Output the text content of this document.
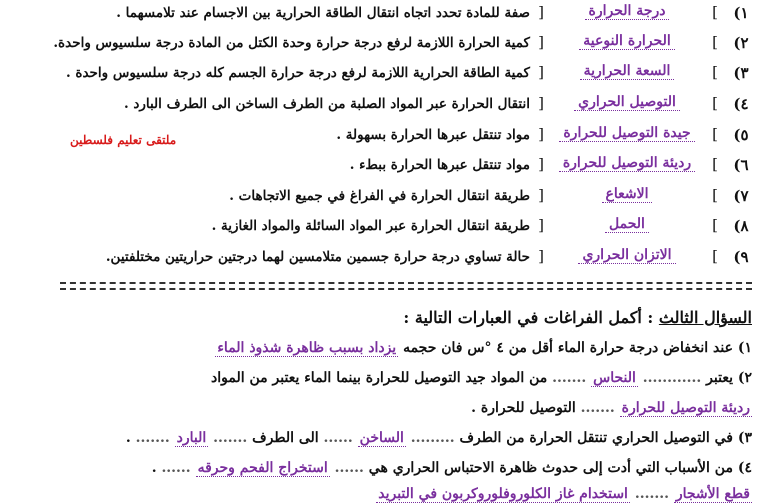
١)
]
درجة الحرارة
[
صفة للمادة تحدد اتجاه انتقال الطاقة الحرارية بين الاجسام عند تلامسهما .
٢)
]
الحرارة النوعية
[
كمية الحرارة اللازمة لرفع درجة حرارة وحدة الكتل من المادة درجة سلسيوس واحدة.
٣)
]
السعة الحرارية
[
كمية الطاقة الحرارية اللازمة لرفع درجة حرارة الجسم كله درجة سلسيوس واحدة .
٤)
]
التوصيل الحراري
[
انتقال الحرارة عبر المواد الصلبة من الطرف الساخن الى الطرف البارد .
٥)
]
جيدة التوصيل للحرارة
[
مواد تنتقل عبرها الحرارة بسهولة .
٦)
]
رديئة التوصيل للحرارة
[
مواد تنتقل عبرها الحرارة ببطء .
٧)
]
الاشعاع
[
طريقة انتقال الحرارة في الفراغ في جميع الاتجاهات .
٨)
]
الحمل
[
طريقة انتقال الحرارة عبر المواد السائلة والمواد الغازية .
٩)
]
الاتزان الحراري
[
حالة تساوي درجة حرارة جسمين متلامسين لهما درجتين حراريتين مختلفتين.
ملتقى تعليم فلسطين
السؤال الثالث : أكمل الفراغات في العبارات التالية :
١) عند انخفاض درجة حرارة الماء أقل من ٤ °س فان حجمه يزداد بسبب ظاهرة شذوذ الماء
٢) يعتبر ............ النحاس ....... من المواد جيد التوصيل للحرارة بينما الماء يعتبر من المواد
رديئة التوصيل للحرارة ....... التوصيل للحرارة .
٣) في التوصيل الحراري تنتقل الحرارة من الطرف ......... الساخن ...... الى الطرف ....... البارد ....... .
٤) من الأسباب التي أدت إلى حدوث ظاهرة الاحتباس الحراري هي ...... استخراج الفحم وحرقه ...... .
قطع الأشجار ....... استخدام غاز الكلوروفلوروكربون في التبريد
